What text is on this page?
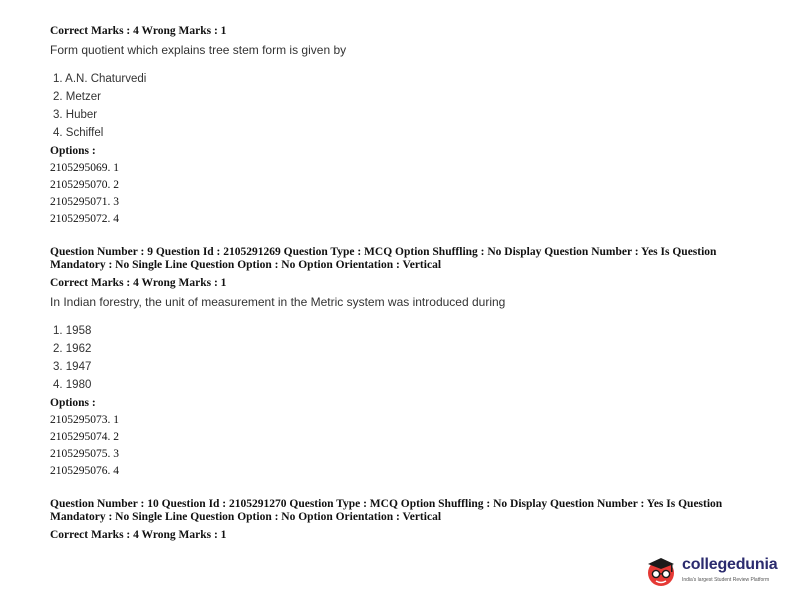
Correct Marks : 4 Wrong Marks : 1

Form quotient which explains tree stem form is given by

1. A.N. Chaturvedi
2. Metzer
3. Huber
4. Schiffel

Options :

2105295069. 1
2105295070. 2
2105295071. 3
2105295072. 4

Question Number : 9 Question Id : 2105291269 Question Type : MCQ Option Shuffling : No Display Question Number : Yes Is Question Mandatory : No Single Line Question Option : No Option Orientation : Vertical

Correct Marks : 4 Wrong Marks : 1

In Indian forestry, the unit of measurement in the Metric system was introduced during

1. 1958
2. 1962
3. 1947
4. 1980

Options :

2105295073. 1
2105295074. 2
2105295075. 3
2105295076. 4

Question Number : 10 Question Id : 2105291270 Question Type : MCQ Option Shuffling : No Display Question Number : Yes Is Question Mandatory : No Single Line Question Option : No Option Orientation : Vertical

Correct Marks : 4 Wrong Marks : 1

collegedunia
India's largest Student Review Platform
